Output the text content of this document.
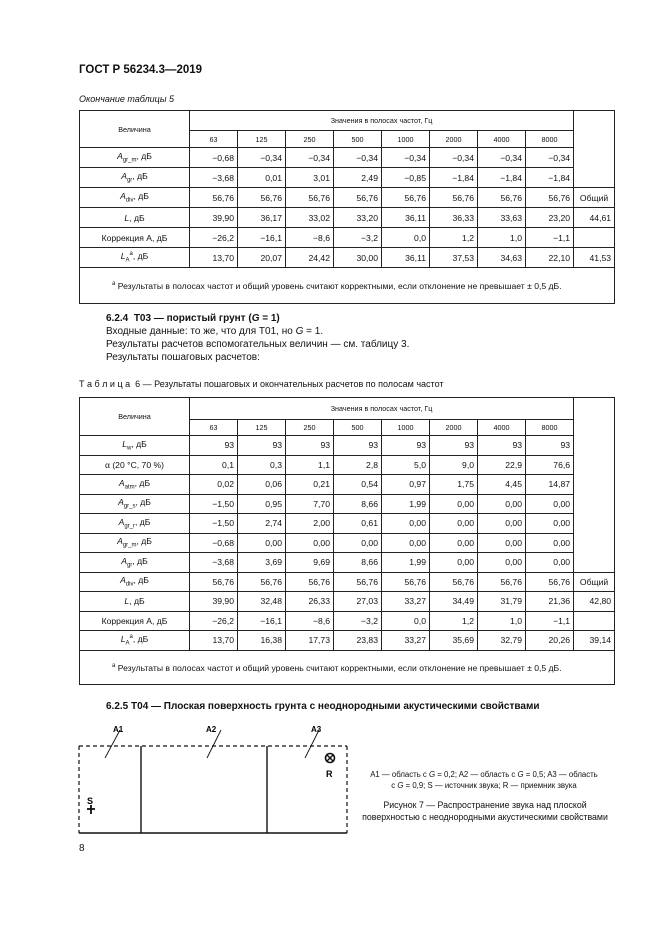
ГОСТ Р 56234.3—2019
Окончание таблицы 5
Величина	Значения в полосах частот, Гц								
	63	125	250	500	1000	2000	4000	8000	
$A_{gr\_m}$, дБ	−0,68	−0,34	−0,34	−0,34	−0,34	−0,34	−0,34	−0,34	
$A_{gr}$, дБ	−3,68	0,01	3,01	2,49	−0,85	−1,84	−1,84	−1,84	
$A_{div}$, дБ	56,76	56,76	56,76	56,76	56,76	56,76	56,76	56,76	Общий
L, дБ	39,90	36,17	33,02	33,20	36,11	36,33	33,63	23,20	44,61
Коррекция А, дБ	−26,2	−16,1	−8,6	−3,2	0,0	1,2	1,0	−1,1	
$L_A^a$, дБ	13,70	20,07	24,42	30,00	36,11	37,53	34,63	22,10	41,53
$^a$ Результаты в полосах частот и общий уровень считают корректными, если отклонение не превышает ± 0,5 дБ.									
6.2.4 Т03 — пористый грунт (G = 1)
Входные данные: то же, что для Т01, но G = 1.
Результаты расчетов вспомогательных величин — см. таблицу 3.
Результаты пошаговых расчетов:
Т а б л и ц а 6 — Результаты пошаговых и окончательных расчетов по полосам частот
Величина	Значения в полосах частот, Гц								
	63	125	250	500	1000	2000	4000	8000	
$L_w$, дБ	93	93	93	93	93	93	93	93	
α (20 °C, 70 %)	0,1	0,3	1,1	2,8	5,0	9,0	22,9	76,6	
$A_{atm}$, дБ	0,02	0,06	0,21	0,54	0,97	1,75	4,45	14,87	
$A_{gr\_s}$, дБ	−1,50	0,95	7,70	8,66	1,99	0,00	0,00	0,00	
$A_{gr\_r}$, дБ	−1,50	2,74	2,00	0,61	0,00	0,00	0,00	0,00	
$A_{gr\_m}$, дБ	−0,68	0,00	0,00	0,00	0,00	0,00	0,00	0,00	
$A_{gr}$, дБ	−3,68	3,69	9,69	8,66	1,99	0,00	0,00	0,00	
$A_{div}$, дБ	56,76	56,76	56,76	56,76	56,76	56,76	56,76	56,76	Общий
L, дБ	39,90	32,48	26,33	27,03	33,27	34,49	31,79	21,36	42,80
Коррекция А, дБ	−26,2	−16,1	−8,6	−3,2	0,0	1,2	1,0	−1,1	
$L_A^a$, дБ	13,70	16,38	17,73	23,83	33,27	35,69	32,79	20,26	39,14
$^a$ Результаты в полосах частот и общий уровень считают корректными, если отклонение не превышает ± 0,5 дБ.									
6.2.5 Т04 — Плоская поверхность грунта с неоднородными акустическими свойствами
A1	A2	A3
R
S
A1 — область с G = 0,2; A2 — область с G = 0,5; A3 — область
с G = 0,9; S — источник звука; R — приемник звука
Рисунок 7 — Распространение звука над плоской поверхностью с неоднородными акустическими свойствами
8
